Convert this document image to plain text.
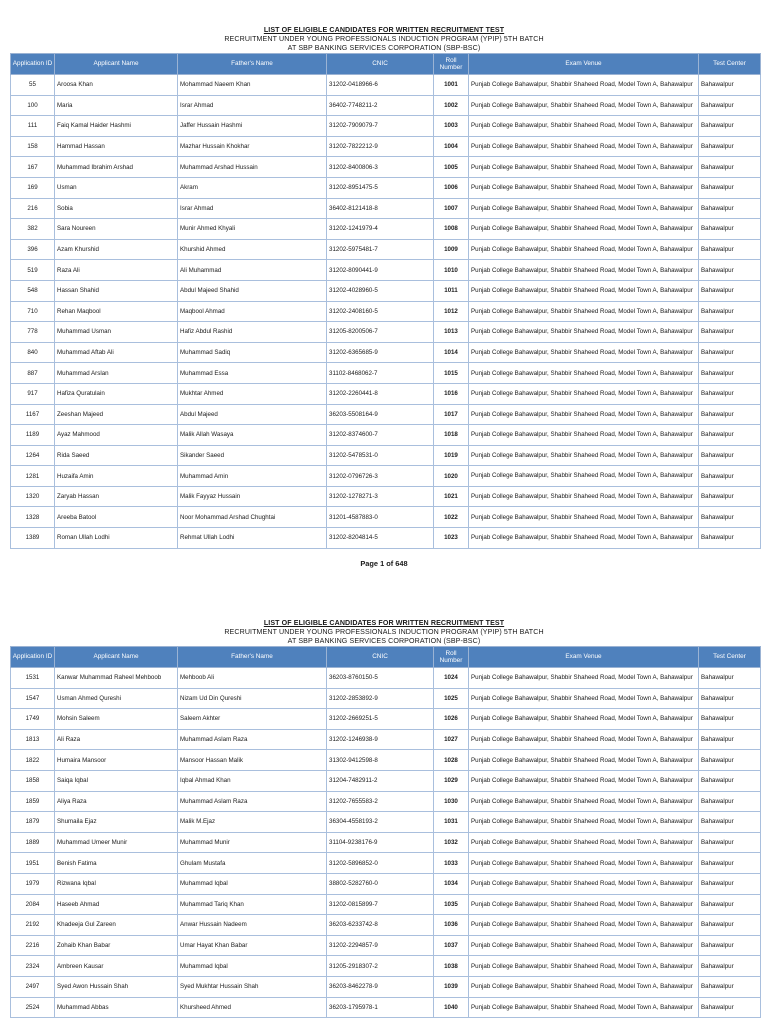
LIST OF ELIGIBLE CANDIDATES FOR WRITTEN RECRUITMENT TEST
RECRUITMENT UNDER YOUNG PROFESSIONALS INDUCTION PROGRAM (YPIP) 5TH BATCH
AT SBP BANKING SERVICES CORPORATION (SBP-BSC)
Application ID	Applicant Name	Father's Name	CNIC	Roll Number	Exam Venue	Test Center
55	Aroosa Khan	Mohammad Naeem Khan	31202-0418966-6	1001	Punjab College Bahawalpur, Shabbir Shaheed Road, Model Town A, Bahawalpur	Bahawalpur
100	Maria	Israr Ahmad	36402-7748211-2	1002	Punjab College Bahawalpur, Shabbir Shaheed Road, Model Town A, Bahawalpur	Bahawalpur
111	Faiq Kamal Haider Hashmi	Jaffer Hussain Hashmi	31202-7909079-7	1003	Punjab College Bahawalpur, Shabbir Shaheed Road, Model Town A, Bahawalpur	Bahawalpur
158	Hammad Hassan	Mazhar Hussain Khokhar	31202-7822212-9	1004	Punjab College Bahawalpur, Shabbir Shaheed Road, Model Town A, Bahawalpur	Bahawalpur
167	Muhammad Ibrahim Arshad	Muhammad Arshad Hussain	31202-8400806-3	1005	Punjab College Bahawalpur, Shabbir Shaheed Road, Model Town A, Bahawalpur	Bahawalpur
169	Usman	Akram	31202-8951475-5	1006	Punjab College Bahawalpur, Shabbir Shaheed Road, Model Town A, Bahawalpur	Bahawalpur
216	Sobia	Israr Ahmad	36402-8121418-8	1007	Punjab College Bahawalpur, Shabbir Shaheed Road, Model Town A, Bahawalpur	Bahawalpur
382	Sara Noureen	Munir Ahmed Khyali	31202-1241979-4	1008	Punjab College Bahawalpur, Shabbir Shaheed Road, Model Town A, Bahawalpur	Bahawalpur
396	Azam Khurshid	Khurshid Ahmed	31202-5975481-7	1009	Punjab College Bahawalpur, Shabbir Shaheed Road, Model Town A, Bahawalpur	Bahawalpur
519	Raza Ali	Ali Muhammad	31202-8090441-9	1010	Punjab College Bahawalpur, Shabbir Shaheed Road, Model Town A, Bahawalpur	Bahawalpur
548	Hassan Shahid	Abdul Majeed Shahid	31202-4028960-5	1011	Punjab College Bahawalpur, Shabbir Shaheed Road, Model Town A, Bahawalpur	Bahawalpur
710	Rehan Maqbool	Maqbool Ahmad	31202-2408160-5	1012	Punjab College Bahawalpur, Shabbir Shaheed Road, Model Town A, Bahawalpur	Bahawalpur
778	Muhammad Usman	Hafiz Abdul Rashid	31205-8200506-7	1013	Punjab College Bahawalpur, Shabbir Shaheed Road, Model Town A, Bahawalpur	Bahawalpur
840	Muhammad Aftab Ali	Muhammad Sadiq	31202-6365685-9	1014	Punjab College Bahawalpur, Shabbir Shaheed Road, Model Town A, Bahawalpur	Bahawalpur
887	Muhammad Arslan	Muhammad Essa	31102-8468062-7	1015	Punjab College Bahawalpur, Shabbir Shaheed Road, Model Town A, Bahawalpur	Bahawalpur
917	Hafiza Quratulain	Mukhtar Ahmed	31202-2260441-8	1016	Punjab College Bahawalpur, Shabbir Shaheed Road, Model Town A, Bahawalpur	Bahawalpur
1167	Zeeshan Majeed	Abdul Majeed	36203-5508164-9	1017	Punjab College Bahawalpur, Shabbir Shaheed Road, Model Town A, Bahawalpur	Bahawalpur
1189	Ayaz Mahmood	Malik Allah Wasaya	31202-8374600-7	1018	Punjab College Bahawalpur, Shabbir Shaheed Road, Model Town A, Bahawalpur	Bahawalpur
1264	Rida Saeed	Sikander Saeed	31202-5478531-0	1019	Punjab College Bahawalpur, Shabbir Shaheed Road, Model Town A, Bahawalpur	Bahawalpur
1281	Huzaifa Amin	Muhammad Amin	31202-0796726-3	1020	Punjab College Bahawalpur, Shabbir Shaheed Road, Model Town A, Bahawalpur	Bahawalpur
1320	Zaryab Hassan	Malik Fayyaz Hussain	31202-1278271-3	1021	Punjab College Bahawalpur, Shabbir Shaheed Road, Model Town A, Bahawalpur	Bahawalpur
1328	Areeba Batool	Noor Mohammad Arshad Chughtai	31201-4587883-0	1022	Punjab College Bahawalpur, Shabbir Shaheed Road, Model Town A, Bahawalpur	Bahawalpur
1389	Roman Ullah Lodhi	Rehmat Ullah Lodhi	31202-8204814-5	1023	Punjab College Bahawalpur, Shabbir Shaheed Road, Model Town A, Bahawalpur	Bahawalpur
Page 1 of 648
LIST OF ELIGIBLE CANDIDATES FOR WRITTEN RECRUITMENT TEST
RECRUITMENT UNDER YOUNG PROFESSIONALS INDUCTION PROGRAM (YPIP) 5TH BATCH
AT SBP BANKING SERVICES CORPORATION (SBP-BSC)
Application ID	Applicant Name	Father's Name	CNIC	Roll Number	Exam Venue	Test Center
1531	Kanwar Muhammad Raheel Mehboob	Mehboob Ali	36203-8760150-5	1024	Punjab College Bahawalpur, Shabbir Shaheed Road, Model Town A, Bahawalpur	Bahawalpur
1547	Usman Ahmed Qureshi	Nizam Ud Din Qureshi	31202-2853892-9	1025	Punjab College Bahawalpur, Shabbir Shaheed Road, Model Town A, Bahawalpur	Bahawalpur
1749	Mohsin Saleem	Saleem Akhter	31202-2669251-5	1026	Punjab College Bahawalpur, Shabbir Shaheed Road, Model Town A, Bahawalpur	Bahawalpur
1813	Ali Raza	Muhammad Aslam Raza	31202-1246938-9	1027	Punjab College Bahawalpur, Shabbir Shaheed Road, Model Town A, Bahawalpur	Bahawalpur
1822	Humaira Mansoor	Mansoor Hassan Malik	31302-9412598-8	1028	Punjab College Bahawalpur, Shabbir Shaheed Road, Model Town A, Bahawalpur	Bahawalpur
1858	Saiqa Iqbal	Iqbal Ahmad Khan	31204-7482911-2	1029	Punjab College Bahawalpur, Shabbir Shaheed Road, Model Town A, Bahawalpur	Bahawalpur
1859	Aliya Raza	Muhammad Aslam Raza	31202-7655583-2	1030	Punjab College Bahawalpur, Shabbir Shaheed Road, Model Town A, Bahawalpur	Bahawalpur
1879	Shumaila Ejaz	Malik M.Ejaz	36304-4558193-2	1031	Punjab College Bahawalpur, Shabbir Shaheed Road, Model Town A, Bahawalpur	Bahawalpur
1889	Muhammad Umeer Munir	Muhammad Munir	31104-9238176-9	1032	Punjab College Bahawalpur, Shabbir Shaheed Road, Model Town A, Bahawalpur	Bahawalpur
1951	Benish Fatima	Ghulam Mustafa	31202-5896852-0	1033	Punjab College Bahawalpur, Shabbir Shaheed Road, Model Town A, Bahawalpur	Bahawalpur
1979	Rizwana Iqbal	Muhammad Iqbal	38802-5282760-0	1034	Punjab College Bahawalpur, Shabbir Shaheed Road, Model Town A, Bahawalpur	Bahawalpur
2084	Haseeb Ahmad	Muhammad Tariq Khan	31202-0815899-7	1035	Punjab College Bahawalpur, Shabbir Shaheed Road, Model Town A, Bahawalpur	Bahawalpur
2192	Khadeeja Gul Zareen	Anwar Hussain Nadeem	36203-6233742-8	1036	Punjab College Bahawalpur, Shabbir Shaheed Road, Model Town A, Bahawalpur	Bahawalpur
2216	Zohaib Khan Babar	Umar Hayat Khan Babar	31202-2294857-9	1037	Punjab College Bahawalpur, Shabbir Shaheed Road, Model Town A, Bahawalpur	Bahawalpur
2324	Ambreen Kausar	Muhammad Iqbal	31205-2918307-2	1038	Punjab College Bahawalpur, Shabbir Shaheed Road, Model Town A, Bahawalpur	Bahawalpur
2497	Syed Awon Hussain Shah	Syed Mukhtar Hussain Shah	36203-8462278-9	1039	Punjab College Bahawalpur, Shabbir Shaheed Road, Model Town A, Bahawalpur	Bahawalpur
2524	Muhammad Abbas	Khursheed Ahmed	36203-1795978-1	1040	Punjab College Bahawalpur, Shabbir Shaheed Road, Model Town A, Bahawalpur	Bahawalpur
